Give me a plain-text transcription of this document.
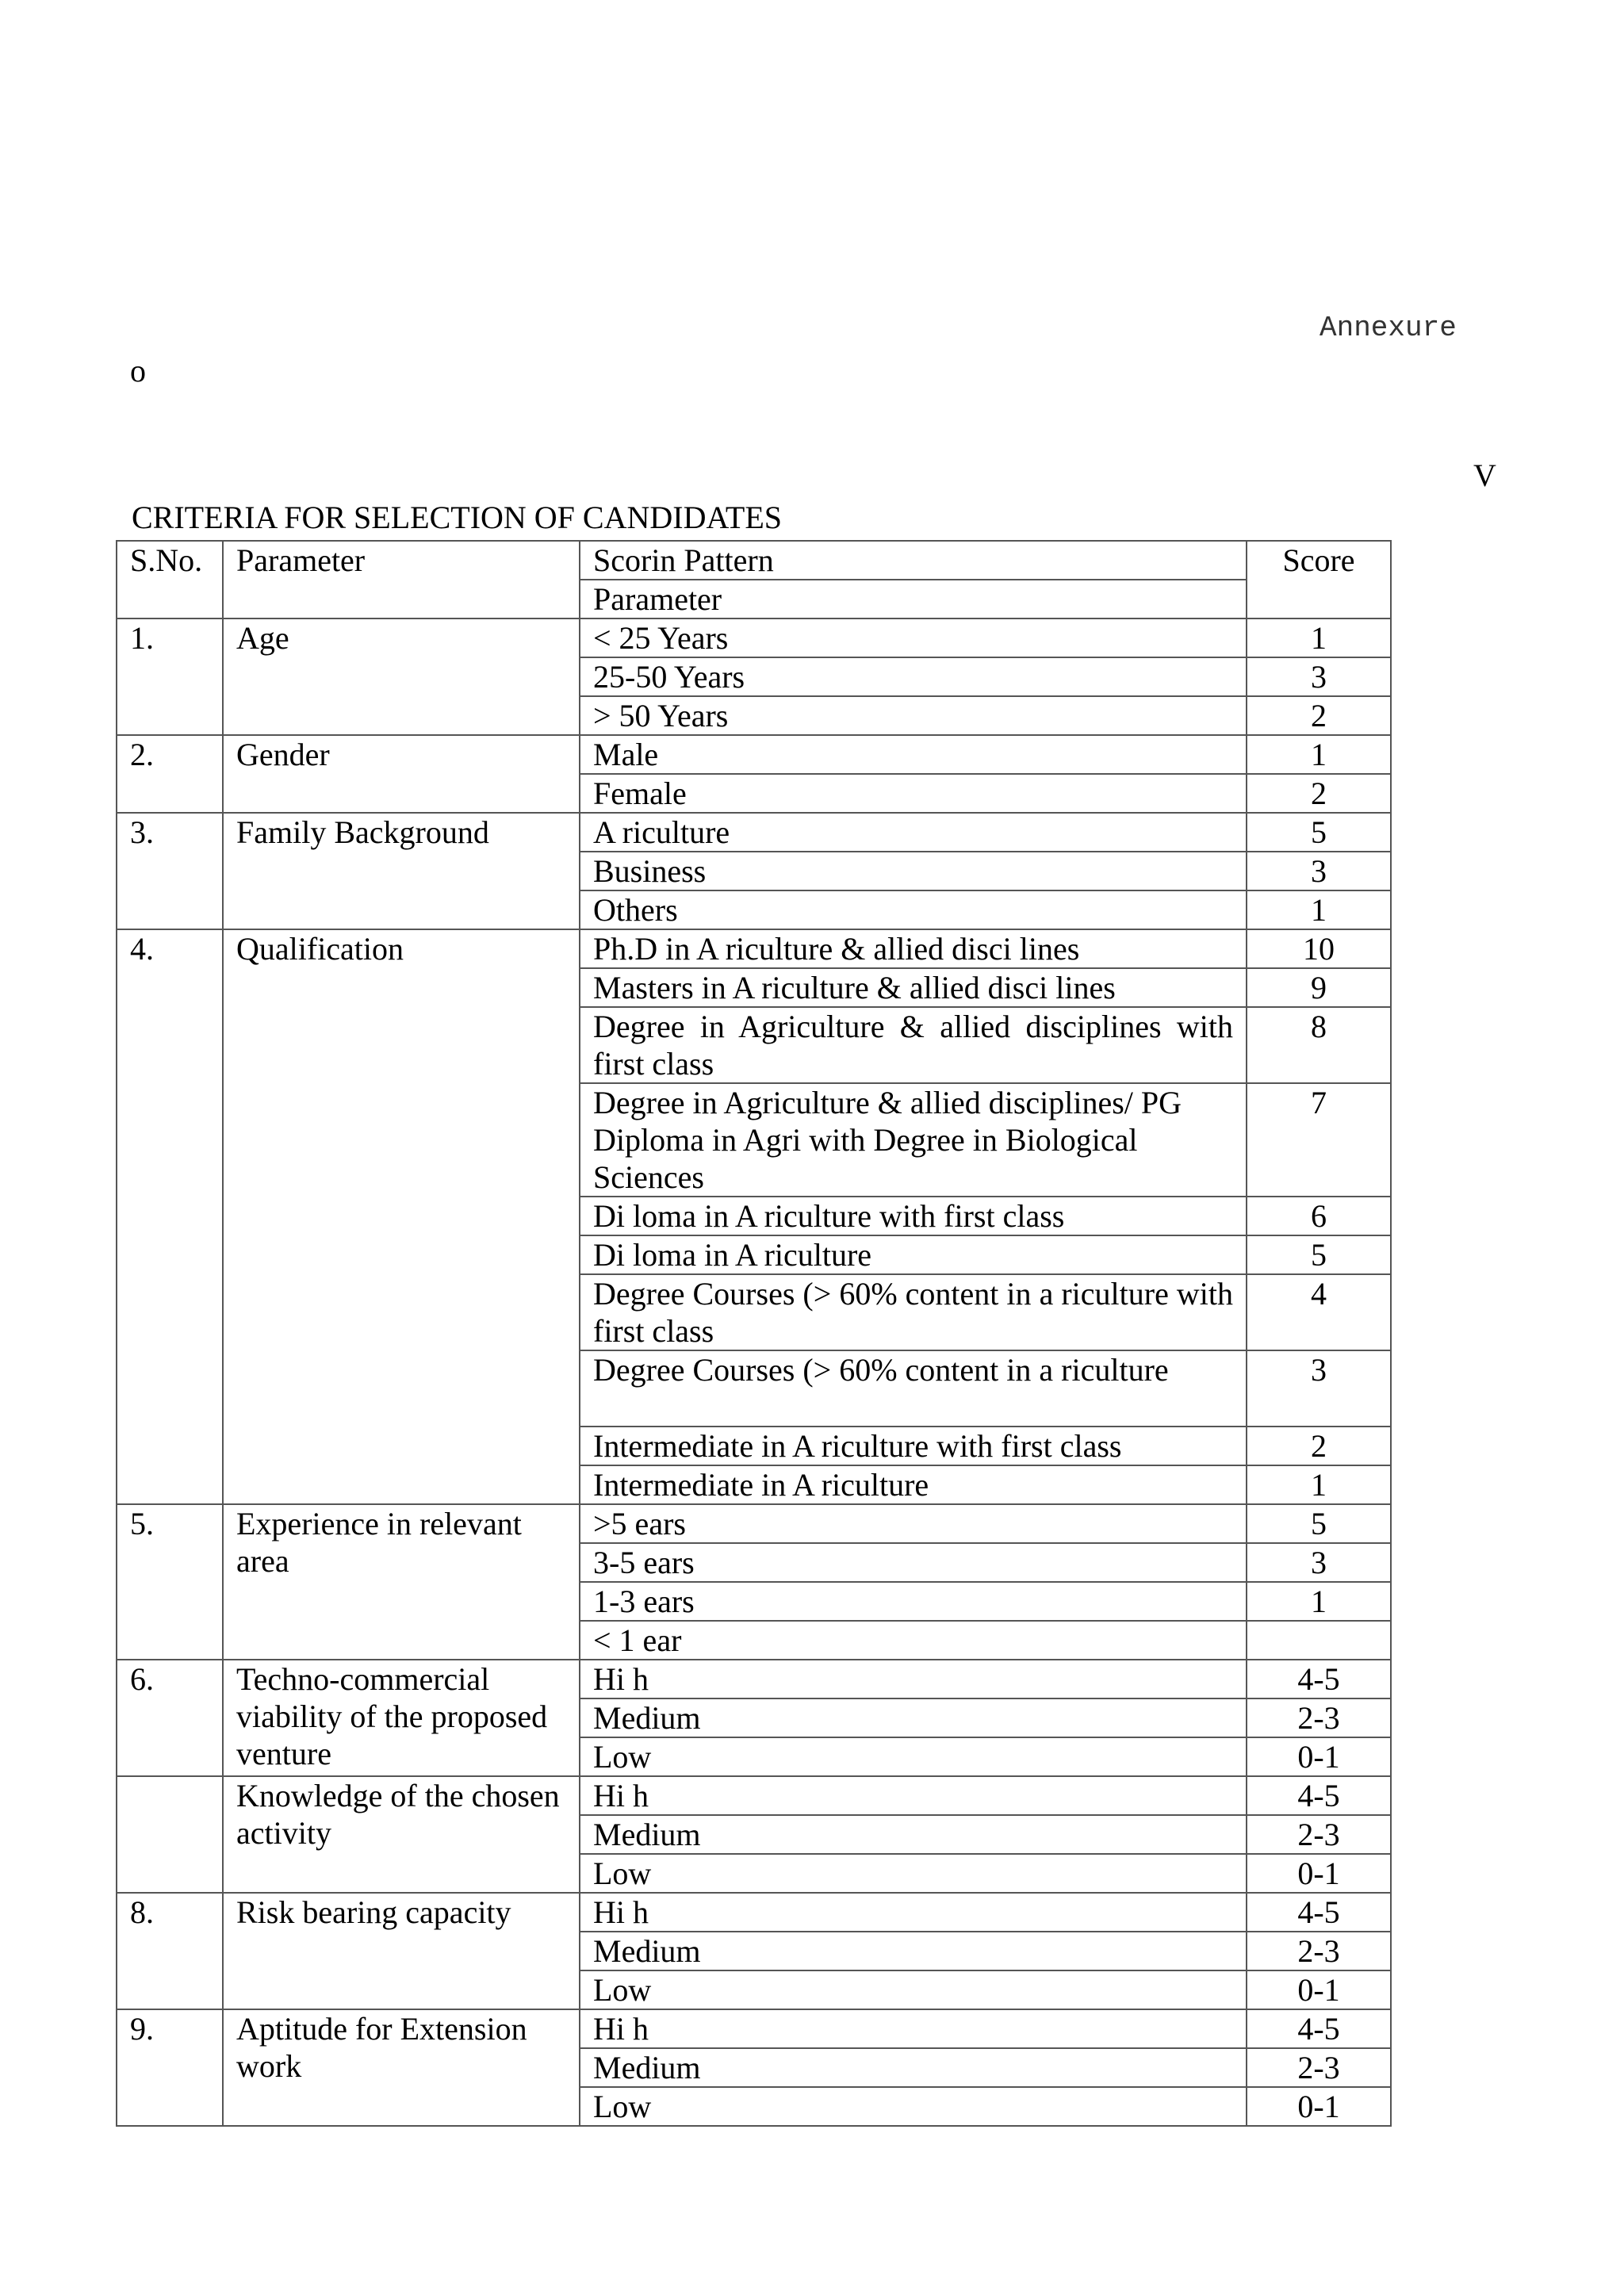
Annexure
o
V
CRITERIA FOR SELECTION OF CANDIDATES
S.No.	Parameter	Scorin Pattern	Score
		Parameter	
1.	Age	< 25 Years	1
		25-50 Years	3
		> 50 Years	2
2.	Gender	Male	1
		Female	2
3.	Family Background	A riculture	5
		Business	3
		Others	1
4.	Qualification	Ph.D in A riculture & allied disci lines	10
		Masters in A riculture & allied disci lines	9
		Degree in Agriculture & allied disciplines with first class	8
		Degree in Agriculture & allied disciplines/ PG Diploma in Agri with Degree in Biological Sciences	7
		Di loma in A riculture with first class	6
		Di loma in A riculture	5
		Degree Courses (> 60% content in a riculture with first class	4
		Degree Courses (> 60% content in a riculture	3
		Intermediate in A riculture with first class	2
		Intermediate in A riculture	1
5.	Experience in relevant area	>5 ears	5
		3-5 ears	3
		1-3 ears	1
		< 1 ear	
6.	Techno-commercial viability of the proposed venture	Hi h	4-5
		Medium	2-3
		Low	0-1
	Knowledge of the chosen activity	Hi h	4-5
		Medium	2-3
		Low	0-1
8.	Risk bearing capacity	Hi h	4-5
		Medium	2-3
		Low	0-1
9.	Aptitude for Extension work	Hi h	4-5
		Medium	2-3
		Low	0-1
